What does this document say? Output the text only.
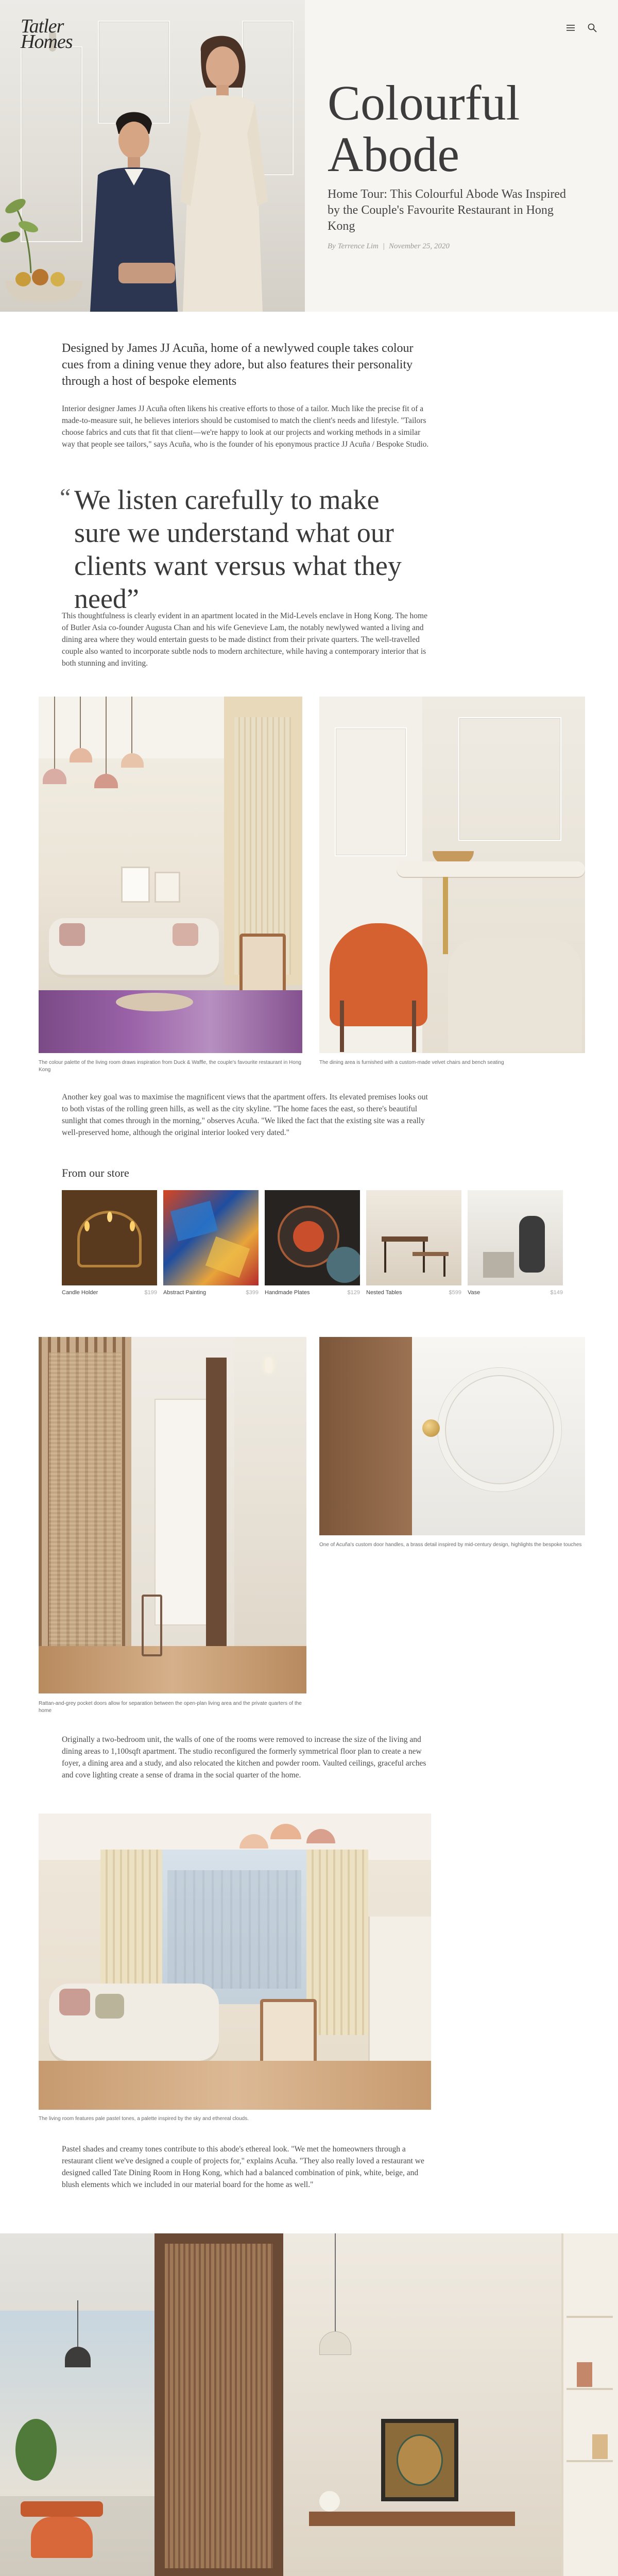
Tatler
Homes
Colourful
Abode

Home Tour: This Colourful Abode Was Inspired by the Couple's Favourite Restaurant in Hong Kong

By Terrence Lim | November 25, 2020
Designed by James JJ Acuña, home of a newlywed couple takes colour cues from a dining venue they adore, but also features their personality through a host of bespoke elements
Interior designer James JJ Acuña often likens his creative efforts to those of a tailor. Much like the precise fit of a made-to-measure suit, he believes interiors should be customised to match the client's needs and lifestyle. "Tailors choose fabrics and cuts that fit that client—we're happy to look at our projects and working methods in a similar way that people see tailors," says Acuña, who is the founder of his eponymous practice JJ Acuña / Bespoke Studio.
“ We listen carefully to make sure we understand what our clients want versus what they need”
This thoughtfulness is clearly evident in an apartment located in the Mid-Levels enclave in Hong Kong. The home of Butler Asia co-founder Augusta Chan and his wife Genevieve Lam, the notably newlywed wanted a living and dining area where they would entertain guests to be made distinct from their private quarters. The well-travelled couple also wanted to incorporate subtle nods to modern architecture, while having a contemporary interior that is both stunning and inviting.
The colour palette of the living room draws inspiration from Duck & Waffle, the couple's favourite restaurant in Hong Kong
The dining area is furnished with a custom-made velvet chairs and bench seating
Another key goal was to maximise the magnificent views that the apartment offers. Its elevated premises looks out to both vistas of the rolling green hills, as well as the city skyline. "The home faces the east, so there's beautiful sunlight that comes through in the morning," observes Acuña. "We liked the fact that the existing site was a really well-preserved home, although the original interior looked very dated."
From our store
Candle Holder	$199 Abstract Painting	$399 Handmade Plates	$129 Nested Tables	$599 Vase	$149
Rattan-and-grey pocket doors allow for separation between the open-plan living area and the private quarters of the home
One of Acuña's custom door handles, a brass detail inspired by mid-century design, highlights the bespoke touches
Originally a two-bedroom unit, the walls of one of the rooms were removed to increase the size of the living and dining areas to 1,100sqft apartment. The studio reconfigured the formerly symmetrical floor plan to create a new foyer, a dining area and a study, and also relocated the kitchen and powder room. Vaulted ceilings, graceful arches and cove lighting create a sense of drama in the social quarter of the home.
The living room features pale pastel tones, a palette inspired by the sky and ethereal clouds.
Pastel shades and creamy tones contribute to this abode's ethereal look. "We met the homeowners through a restaurant client we've designed a couple of projects for," explains Acuña. "They also really loved a restaurant we designed called Tate Dining Room in Hong Kong, which had a balanced combination of pink, white, beige, and blush elements which we included in our material board for the home as well."
